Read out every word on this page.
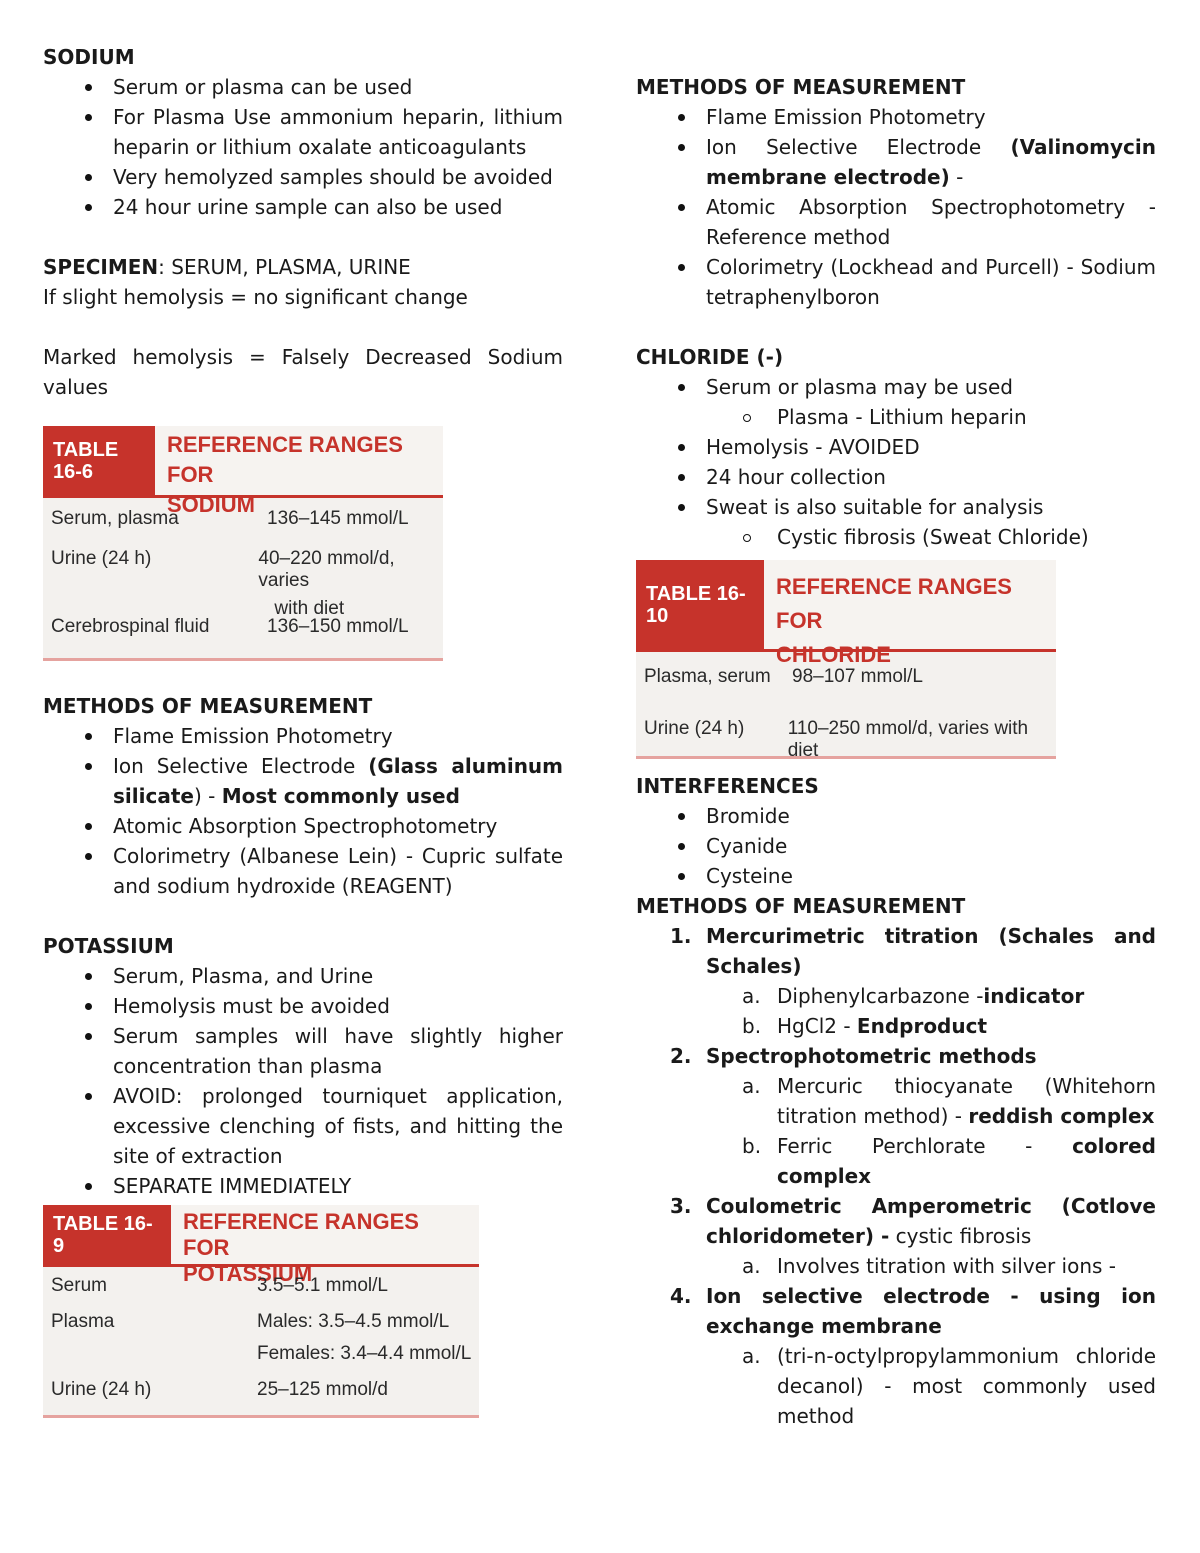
SODIUM
Serum or plasma can be used
For Plasma Use ammonium heparin, lithium heparin or lithium oxalate anticoagulants
Very hemolyzed samples should be avoided
24 hour urine sample can also be used

SPECIMEN: SERUM, PLASMA, URINE

If slight hemolysis = no significant change

Marked hemolysis = Falsely Decreased Sodium values

TABLE 16-6
REFERENCE RANGES FOR
SODIUM
Serum, plasma	136–145 mmol/L
Urine (24 h)	40–220 mmol/d, varies
with diet
Cerebrospinal fluid	136–150 mmol/L
METHODS OF MEASUREMENT
Flame Emission Photometry
Ion Selective Electrode (Glass aluminum silicate) - Most commonly used
Atomic Absorption Spectrophotometry
Colorimetry (Albanese Lein) - Cupric sulfate and sodium hydroxide (REAGENT)
POTASSIUM
Serum, Plasma, and Urine
Hemolysis must be avoided
Serum samples will have slightly higher concentration than plasma
AVOID: prolonged tourniquet application, excessive clenching of fists, and hitting the site of extraction
SEPARATE IMMEDIATELY
TABLE 16-9
REFERENCE RANGES FOR
POTASSIUM
Serum	3.5–5.1 mmol/L
Plasma	Males: 3.5–4.5 mmol/L
Females: 3.4–4.4 mmol/L
Urine (24 h)	25–125 mmol/d
METHODS OF MEASUREMENT
Flame Emission Photometry
Ion Selective Electrode (Valinomycin membrane electrode) -
Atomic Absorption Spectrophotometry - Reference method
Colorimetry (Lockhead and Purcell) - Sodium tetraphenylboron
CHLORIDE (-)
Serum or plasma may be used
Plasma - Lithium heparin
Hemolysis - AVOIDED
24 hour collection
Sweat is also suitable for analysis
Cystic fibrosis (Sweat Chloride)
TABLE 16-10
REFERENCE RANGES FOR
CHLORIDE
Plasma, serum	98–107 mmol/L
Urine (24 h)	110–250 mmol/d, varies with diet
INTERFERENCES
Bromide
Cyanide
Cysteine
METHODS OF MEASUREMENT
1. Mercurimetric titration (Schales and Schales)
a. Diphenylcarbazone -indicator
b. HgCl2 - Endproduct
2. Spectrophotometric methods
a. Mercuric thiocyanate (Whitehorn titration method) - reddish complex
b. Ferric Perchlorate - colored complex
3. Coulometric Amperometric (Cotlove chloridometer) - cystic fibrosis
a. Involves titration with silver ions -
4. Ion selective electrode - using ion exchange membrane
a. (tri-n-octylpropylammonium chloride decanol) - most commonly used method
